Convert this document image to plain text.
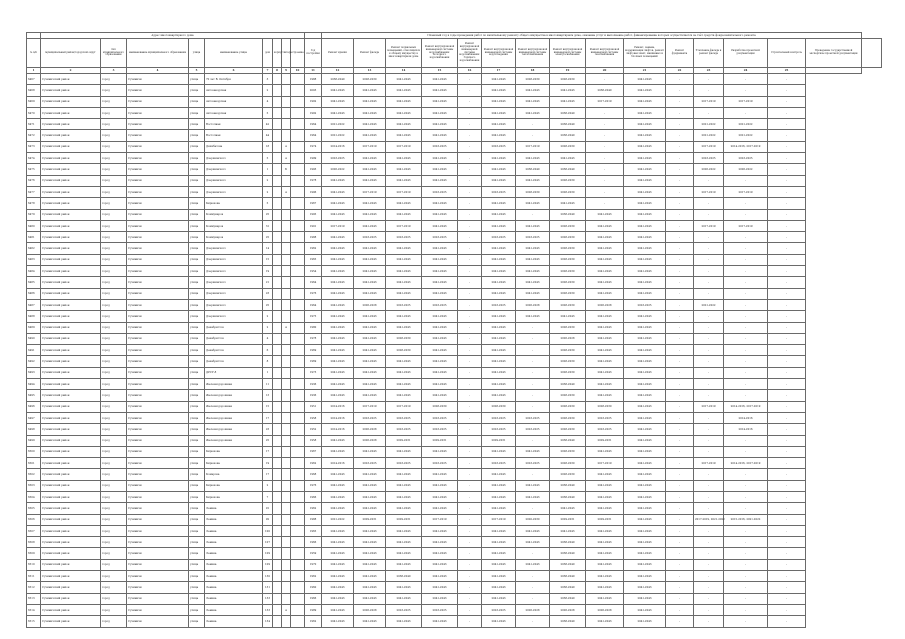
	Адрес многоквартирного дома										Плановый год в годы проведения работ по капитальному ремонту общего имущества в многоквартирном доме, оказание услуг и выполнение работ, финансирование которых осуществляется за счёт средств фонда капитального ремонта															
№ п/п	муниципальный район/городской округ	тип муниципального образования	наименование муниципального образования	улица	наименование улицы	дом	корпус	литера	строение	Год постройки	Ремонт крыши	Ремонт фасада	Ремонт подвальных помещений, относящихся к общему имуществу в многоквартирном доме	Ремонт внутридомовой инженерной системы водоснабжения: Холодного водоснабжения	Ремонт внутридомовой инженерной системы водоснабжения: Горячего водоснабжения	Ремонт внутридомовой инженерной системы водоотведения	Ремонт внутридомовой инженерной системы теплоснабжения	Ремонт внутридомовой инженерной системы электроснабжения	Ремонт внутридомовой инженерной системы газоснабжения	Ремонт, замена, модернизация лифтов, ремонт лифтовых шахт, машинных и блочных помещений	Ремонт фундамента	Утепление фасада и ремонт фасада	Разработка проектной документации	Строительный контроль	Проведение государственной экспертизы проектной документации	
1	2	3	4	5	6	7	8	9	10	11	12	13	14	15	16	17	18	19	20	21	22	23	24	25		
6467	Сухиничский район	город	Сухиничи	улица	70 лет В. Октября	3				1988	2038-2040	2028-2030	2041-2043	2041-2043	-	2041-2043	2028-2030	2028-2030	-	2041-2043	-	-	-	-		
6468	Сухиничский район	город	Сухиничи	улица	Автозаводская	2				2003	2041-2043	2041-2043	2041-2043	2041-2043	-	2041-2043	2041-2043	2041-2043	2038-2040	2041-2043	-	-	-	-		
6469	Сухиничский район	город	Сухиничи	улица	Автозаводская	4				1992	2041-2043	2041-2043	2041-2043	2041-2043	-	2041-2043	2041-2043	2041-2043	2017-2019	2041-2043	-	2017-2019	2017-2019	-		
6470	Сухиничский район	город	Сухиничи	улица	Автозаводская	5				1992	2041-2043	2041-2043	2041-2043	2041-2043	-	2041-2043	2041-2043	2038-2040	-	2041-2043	-	-	-	-		
6471	Сухиничский район	город	Сухиничи	улица	Восточная	42				1964	2021-2022	2041-2043	2041-2043	2041-2043	-	2041-2043	-	2038-2040	-	2041-2043	-	2021-2022	2021-2022	-		
6472	Сухиничский район	город	Сухиничи	улица	Восточная	44				1964	2021-2022	2041-2043	2041-2043	2041-2043	-	2041-2043	-	2038-2040	-	2041-2043	-	2021-2022	2021-2022	-		
6473	Сухиничский район	город	Сухиничи	улица	Дачибатова	18		А		1974	2014-2016	2017-2019	2017-2019	2023-2025	-	2023-2025	2017-2019	2028-2030	-	2041-2043	-	2017-2019	2014-2016, 2017-2019	-		
6474	Сухиничский район	город	Сухиничи	улица	Дзержинского	5		А		1999	2023-2025	2041-2043	2041-2043	2041-2043	-	2041-2043	2041-2043	2041-2043	-	2041-2043	-	2023-2025	2023-2025	-		
6475	Сухиничский район	город	Сухиничи	улица	Дзержинского	1		Б		1993	2026-2022	2041-2043	2041-2043	2041-2043	-	2041-2043	2038-2040	2038-2040	-	2041-2043	-	2026-2022	2026-2022	-		
6476	Сухиничский район	город	Сухиничи	улица	Дзержинского	2				1978	2041-2043	2041-2043	2041-2043	2041-2043	-	2041-2043	2041-2043	2028-2030	-	2041-2043	-	-	-	-		
6477	Сухиничский район	город	Сухиничи	улица	Дзержинского	2		А		1996	2041-2043	2017-2019	2017-2019	2023-2025	-	2023-2025	2028-2030	2028-2030	-	2041-2043	-	2017-2019	2017-2019	-		
6478	Сухиничский район	город	Сухиничи	улица	Кирюкова	5				1967	2041-2043	2041-2043	2041-2043	2041-2043	-	2041-2043	2041-2043	2041-2043	-	2041-2043	-	-	-	-		
6479	Сухиничский район	город	Сухиничи	улица	Коммунаров	25				1995	2041-2043	2041-2043	2041-2043	2041-2043	-	2041-2043	-	2038-2040	2041-2043	2041-2043	-	-	-	-		
6480	Сухиничский район	город	Сухиничи	улица	Коммунаров	31				1991	2017-2019	2041-2043	2017-2019	2041-2043	-	2041-2043	2041-2043	2028-2030	2041-2043	2041-2043	-	2017-2019	2017-2019	-		
6481	Сухиничский район	город	Сухиничи	улица	Коммунаров	25				1988	2041-2043	2023-2025	2023-2025	2023-2025	-	2023-2025	2023-2025	2028-2030	2041-2043	2041-2043	-	-	-	-		
6482	Сухиничский район	город	Сухиничи	улица	Дзержинского	14				1962	2041-2043	2041-2043	2041-2043	2041-2043	-	2041-2043	2041-2043	2028-2030	2041-2043	2041-2043	-	-	-	-		
6483	Сухиничский район	город	Сухиничи	улица	Дзержинского	15				1965	2041-2043	2041-2043	2041-2043	2041-2043	-	2041-2043	2041-2043	2028-2030	2041-2043	2041-2043	-	-	-	-		
6484	Сухиничский район	город	Сухиничи	улица	Дзержинского	19				1954	2041-2043	2041-2043	2041-2043	2041-2043	-	2041-2043	2041-2043	2028-2030	2041-2043	2041-2043	-	-	-	-		
6485	Сухиничский район	город	Сухиничи	улица	Дзержинского	21				1964	2041-2043	2041-2043	2041-2043	2041-2043	-	2041-2043	2041-2043	2028-2030	2041-2043	2041-2043	-	-	-	-		
6486	Сухиничский район	город	Сухиничи	улица	Дзержинского	23				1976	2041-2043	2041-2043	2041-2043	2041-2043	-	2041-2043	2041-2043	2028-2030	2041-2043	2041-2043	-	-	-	-		
6487	Сухиничский район	город	Сухиничи	улица	Дзержинского	25				1964	2041-2043	2026-2028	2023-2025	2023-2025	-	2023-2025	2026-2028	2028-2030	2026-2028	2023-2025	-	2021-2022	-	-		
6488	Сухиничский район	город	Сухиничи	улица	Дзержинского	2				1975	2041-2043	2041-2043	2041-2043	2041-2043	-	2041-2043	2041-2043	2041-2043	2041-2043	2041-2043	-	-	-	-		
6489	Сухиничский район	город	Сухиничи	улица	Декабристов	2		А		1980	2041-2043	2041-2043	2041-2043	2041-2043	-	2041-2043	-	2028-2030	2041-2043	2041-2043	-	-	-	-		
6490	Сухиничский район	город	Сухиничи	улица	Декабристов	4				1978	2041-2043	2041-2043	2028-2030	2041-2043	-	2041-2043	-	2026-2028	2041-2043	2041-2043	-	-	-	-		
6491	Сухиничский район	город	Сухиничи	улица	Декабристов	6				1969	2041-2043	2041-2043	2028-2030	2041-2043	-	2041-2043	-	2028-2030	2041-2043	2041-2043	-	-	-	-		
6492	Сухиничский район	город	Сухиничи	улица	Декабристов	8				1969	2041-2043	2041-2043	2041-2043	2041-2043	-	2041-2043	-	2028-2030	2041-2043	2041-2043	-	-	-	-		
6493	Сухиничский район	город	Сухиничи	улица	ДРСУ-8	1				1973	2041-2043	2041-2043	2041-2043	2041-2043	-	2041-2043	-	2028-2030	2041-2043	2041-2043	-	-	-	-		
6494	Сухиничский район	город	Сухиничи	улица	Железнодорожная	11				1936	2041-2043	2041-2043	2041-2043	2041-2043	-	2041-2043	-	2038-2040	2041-2043	2041-2043	-	-	-	-		
6495	Сухиничский район	город	Сухиничи	улица	Железнодорожная	13				1936	2041-2043	2041-2043	2041-2043	2041-2043	-	2041-2043	-	2028-2030	2041-2043	2041-2043	-	-	-	-		
6496	Сухиничский район	город	Сухиничи	улица	Железнодорожная	15				1951	2014-2016	2017-2019	2017-2019	2028-2030	-	2028-2030	-	2028-2030	2028-2030	2041-2043	-	2017-2019	2014-2016, 2017-2019	-		
6497	Сухиничский район	город	Сухиничи	улица	Железнодорожная	17				1958	2014-2016	2023-2025	2023-2025	2023-2025	-	2023-2025	2023-2025	2028-2030	2023-2025	2041-2043	-	-	2014-2016	-		
6498	Сухиничский район	город	Сухиничи	улица	Железнодорожная	23				1952	2014-2016	2026-2028	2023-2025	2023-2025	-	2023-2025	2023-2025	2028-2030	2023-2025	2041-2043	-	-	2014-2016	-		
6499	Сухиничский район	город	Сухиничи	улица	Железнодорожная	25				1958	2041-2043	2026-2028	2029-2031	2029-2031	-	2029-2031	-	2038-2040	2029-2031	2041-2043	-	-	-	-		
6500	Сухиничский район	город	Сухиничи	улица	Кирюкова	17				1967	2041-2043	2041-2043	2041-2043	2041-2043	-	2041-2043	2041-2043	2028-2030	2041-2043	2041-2043	-	-	-	-		
6501	Сухиничский район	город	Сухиничи	улица	Кирюкова	19				1962	2014-2016	2023-2025	2023-2025	2023-2025	-	2023-2025	2023-2025	2028-2030	2017-2019	2041-2043	-	2017-2019	2014-2016, 2017-2019	-		
6502	Сухиничский район	город	Сухиничи	улица	Комарова	17				1968	2041-2043	2041-2043	2041-2043	2041-2043	-	2041-2043	-	2028-2030	2041-2043	2041-2043	-	-	-	-		
6503	Сухиничский район	город	Сухиничи	улица	Кирюкова	2				1976	2041-2043	2041-2043	2041-2043	2041-2043	-	2041-2043	2041-2043	2038-2040	2041-2043	2041-2043	-	-	-	-		
6504	Сухиничский район	город	Сухиничи	улица	Кирюкова	7				1966	2041-2043	2041-2043	2041-2043	2041-2043	-	2041-2043	2041-2043	2038-2040	2041-2043	2041-2043	-	-	-	-		
6505	Сухиничский район	город	Сухиничи	улица	Ленина	91				1962	2041-2043	2041-2043	2041-2043	2041-2043	-	2041-2043	-	2041-2043	2041-2043	2041-2043	-	-	-	-		
6506	Сухиничский район	город	Сухиничи	улица	Ленина	92				1988	2021-2022	2029-2031	2029-2031	2017-2019	-	2017-2019	2020-2030	2029-2031	2029-2031	2041-2043	-	2017-2019, 2021-2022	2015-2016, 2021-2022	-		
6507	Сухиничский район	город	Сухиничи	улица	Ленина	100				1965	2041-2043	2041-2043	2041-2043	2041-2043	-	2041-2043	2041-2043	2041-2043	2041-2043	2041-2043	-	-	-	-		
6508	Сухиничский район	город	Сухиничи	улица	Ленина	107				1966	2041-2043	2041-2043	2041-2043	2041-2043	-	2041-2043	2041-2043	2038-2040	2041-2043	2041-2043	-	-	-	-		
6509	Сухиничский район	город	Сухиничи	улица	Ленина	109				1959	2041-2043	2041-2043	2041-2043	2041-2043	-	2041-2043	-	2038-2040	2041-2043	2041-2043	-	-	-	-		
6510	Сухиничский район	город	Сухиничи	улица	Ленина	109				1970	2041-2043	2041-2043	2041-2043	2041-2043	-	2041-2043	2041-2043	2038-2040	2041-2043	2041-2043	-	-	-	-		
6511	Сухиничский район	город	Сухиничи	улица	Ленина	130				1962	2041-2043	2041-2043	2038-2040	2041-2043	-	2041-2043	-	2038-2040	2041-2043	2041-2043	-	-	-	-		
6512	Сухиничский район	город	Сухиничи	улица	Ленина	131				1960	2041-2043	2041-2043	2041-2043	2041-2043	-	2041-2043	-	2038-2040	2041-2043	2041-2043	-	-	-	-		
6513	Сухиничский район	город	Сухиничи	улица	Ленина	133				1966	2041-2043	2041-2043	2041-2043	2041-2043	-	2041-2043	-	2038-2040	2041-2043	2041-2043	-	-	-	-		
6514	Сухиничский район	город	Сухиничи	улица	Ленина	133		А		1989	2041-2043	2026-2028	2023-2025	2023-2025	-	2023-2025	2026-2028	2026-2028	2026-2028	2041-2043	-	-	-	-		
6515	Сухиничский район	город	Сухиничи	улица	Ленина	134				1962	2041-2043	2041-2043	2041-2043	2041-2043	-	2041-2043	-	2038-2040	2041-2043	2041-2043	-	-	-	-		
